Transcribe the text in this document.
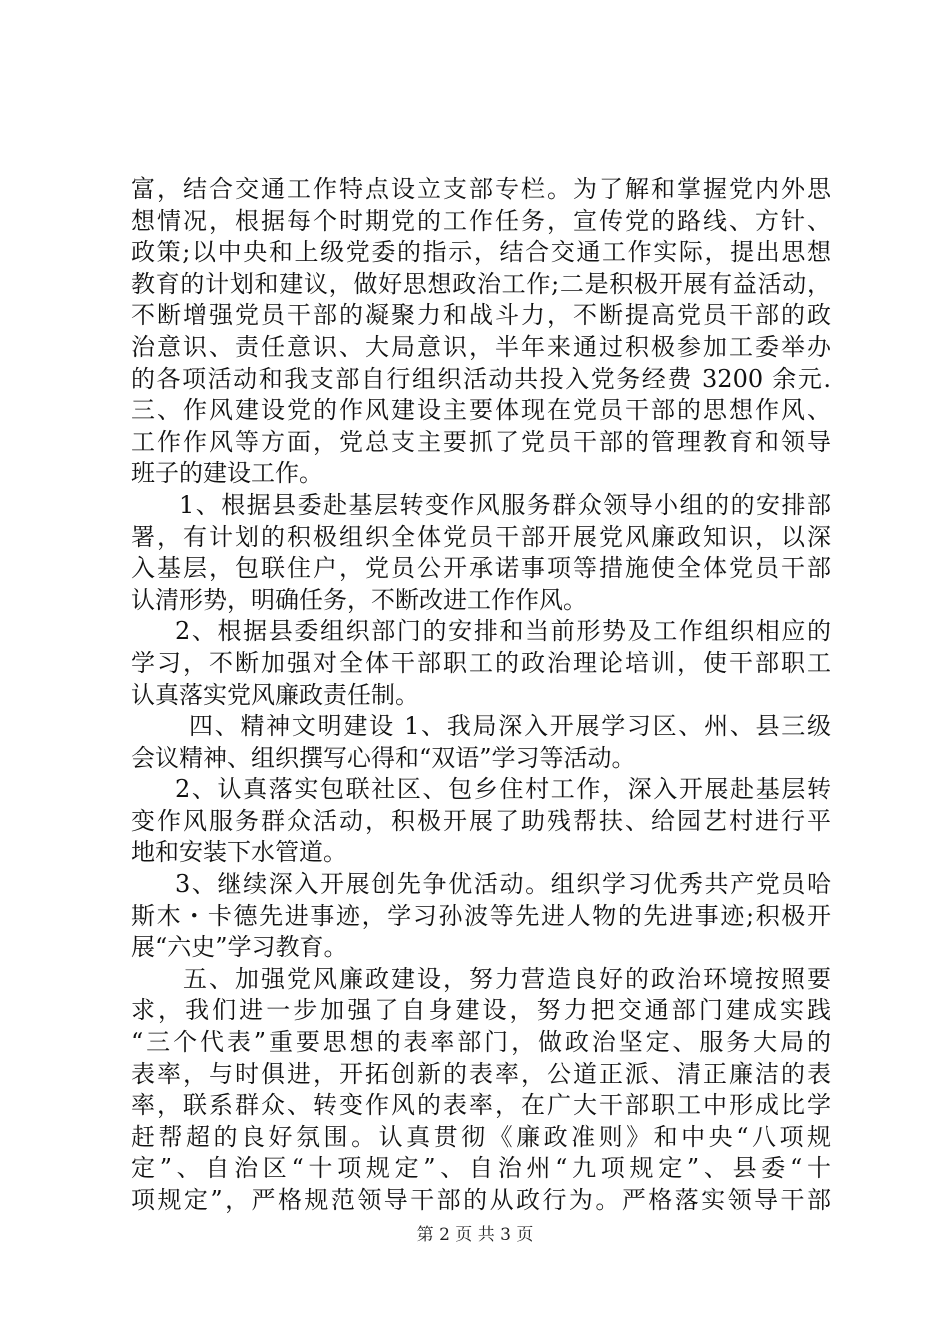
富，结合交通工作特点设立支部专栏。为了解和掌握党内外思
想情况，根据每个时期党的工作任务，宣传党的路线、方针、
政策;以中央和上级党委的指示，结合交通工作实际，提出思想
教育的计划和建议，做好思想政治工作;二是积极开展有益活动，
不断增强党员干部的凝聚力和战斗力，不断提高党员干部的政
治意识、责任意识、大局意识，半年来通过积极参加工委举办
的各项活动和我支部自行组织活动共投入党务经费 3200 余元.
三、作风建设党的作风建设主要体现在党员干部的思想作风、
工作作风等方面，党总支主要抓了党员干部的管理教育和领导
班子的建设工作。
1、根据县委赴基层转变作风服务群众领导小组的的安排部
署，有计划的积极组织全体党员干部开展党风廉政知识，以深
入基层，包联住户，党员公开承诺事项等措施使全体党员干部
认清形势，明确任务，不断改进工作作风。
2、根据县委组织部门的安排和当前形势及工作组织相应的
学习，不断加强对全体干部职工的政治理论培训，使干部职工
认真落实党风廉政责任制。
四、精神文明建设 1、我局深入开展学习区、州、县三级
会议精神、组织撰写心得和“双语”学习等活动。
2、认真落实包联社区、包乡住村工作，深入开展赴基层转
变作风服务群众活动，积极开展了助残帮扶、给园艺村进行平
地和安装下水管道。
3、继续深入开展创先争优活动。组织学习优秀共产党员哈
斯木・卡德先进事迹，学习孙波等先进人物的先进事迹;积极开
展“六史”学习教育。
五、加强党风廉政建设，努力营造良好的政治环境按照要
求，我们进一步加强了自身建设，努力把交通部门建成实践
“三个代表”重要思想的表率部门，做政治坚定、服务大局的
表率，与时俱进，开拓创新的表率，公道正派、清正廉洁的表
率，联系群众、转变作风的表率，在广大干部职工中形成比学
赶帮超的良好氛围。认真贯彻《廉政准则》和中央“八项规
定”、自治区“十项规定”、自治州“九项规定”、县委“十
项规定”，严格规范领导干部的从政行为。严格落实领导干部
第 2 页 共 3 页
